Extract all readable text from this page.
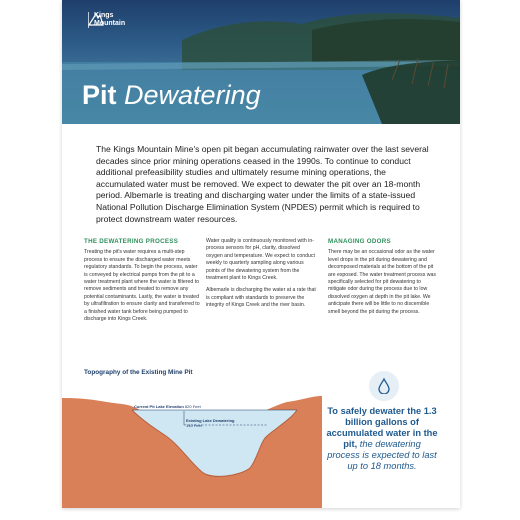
Kings
Mountain
Pit Dewatering

The Kings Mountain Mine's open pit began accumulating rainwater over the last several decades since prior mining operations ceased in the 1990s. To continue to conduct additional prefeasibility studies and ultimately resume mining operations, the accumulated water must be removed. We expect to dewater the pit over an 18-month period. Albemarle is treating and discharging water under the limits of a state-issued National Pollution Discharge Elimination System (NPDES) permit which is required to protect downstream water resources.

THE DEWATERING PROCESS

Treating the pit's water requires a multi-step process to ensure the discharged water meets regulatory standards. To begin the process, water is conveyed by electrical pumps from the pit to a water treatment plant where the water is filtered to remove sediments and treated to remove any potential contaminants. Lastly, the water is treated by ultrafiltration to ensure clarity and transferred to a finished water tank before being pumped to discharge into Kings Creek.

Water quality is continuously monitored with in-process sensors for pH, clarity, dissolved oxygen and temperature. We expect to conduct weekly to quarterly sampling along various points of the dewatering system from the treatment plant to Kings Creek.

Albemarle is discharging the water at a rate that is compliant with standards to preserve the integrity of Kings Creek and the river basin.

MANAGING ODORS

There may be an occasional odor as the water level drops in the pit during dewatering and decomposed materials at the bottom of the pit are exposed. The water treatment process was specifically selected for pit dewatering to mitigate odor during the process due to low dissolved oxygen at depth in the pit lake. We anticipate there will be little to no discernible smell beyond the pit during the process.

Topography of the Existing Mine Pit
Current Pit Lake Elevation 820 Feet
Existing Lake Dewatering
140 Feet
To safely dewater the 1.3 billion gallons of accumulated water in the pit, the dewatering process is expected to last up to 18 months.
